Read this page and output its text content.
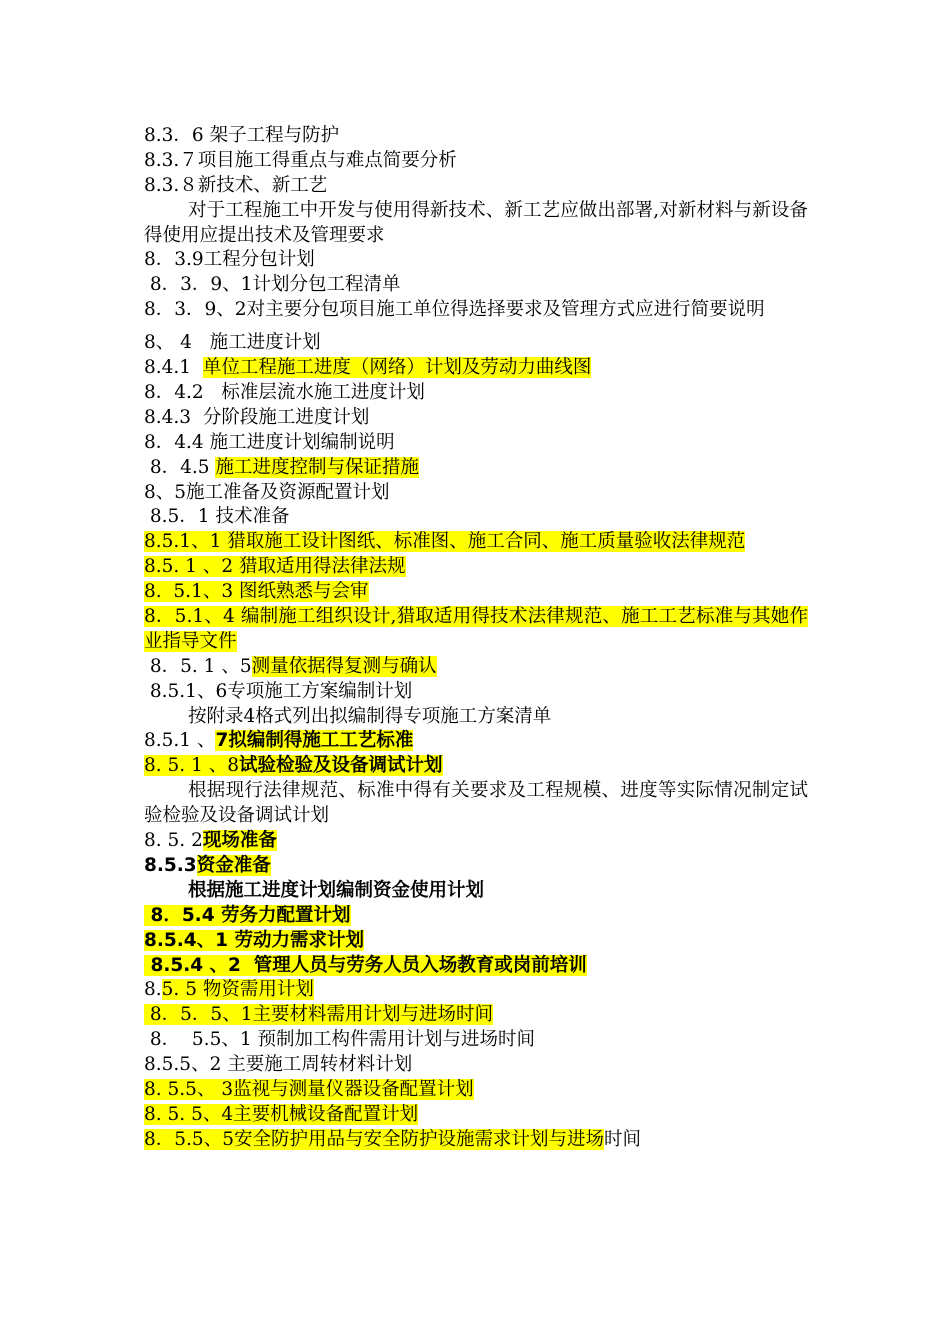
8.3．6 架子工程与防护
8.3.７项目施工得重点与难点简要分析
8.3.８新技术、新工艺
对于工程施工中开发与使用得新技术、新工艺应做出部署,对新材料与新设备得使用应提出技术及管理要求
8．3.9工程分包计划
8．3．9、1计划分包工程清单
8．3．9、2对主要分包项目施工单位得选择要求及管理方式应进行简要说明
8、 4   施工进度计划
8.4.1  单位工程施工进度（网络）计划及劳动力曲线图
8．4.2   标准层流水施工进度计划
8.4.3  分阶段施工进度计划
8．4.4 施工进度计划编制说明
8．4.5 施工进度控制与保证措施
8、5施工准备及资源配置计划
8.5．1 技术准备
8.5.1、1 猎取施工设计图纸、标准图、施工合同、施工质量验收法律规范
8.5. 1 、2 猎取适用得法律法规
8.  5.1、3 图纸熟悉与会审
8．5.1、4 编制施工组织设计,猎取适用得技术法律规范、施工工艺标准与其她作业指导文件
8．5. 1 、5测量依据得复测与确认
8.5.1、6专项施工方案编制计划
按附录4格式列出拟编制得专项施工方案清单
8.5.1 、7拟编制得施工工艺标准
8. 5. 1 、8试验检验及设备调试计划
根据现行法律规范、标准中得有关要求及工程规模、进度等实际情况制定试验检验及设备调试计划
8. 5. 2现场准备
8.5.3资金准备
根据施工进度计划编制资金使用计划
8．5.4 劳务力配置计划
8.5.4、1 劳动力需求计划
8.5.4 、2  管理人员与劳务人员入场教育或岗前培训
8.5. 5 物资需用计划
8．5．5、1主要材料需用计划与进场时间
8．  5.5、1 预制加工构件需用计划与进场时间
8.5.5、2 主要施工周转材料计划
8. 5.5、 3监视与测量仪器设备配置计划
8. 5. 5、4主要机械设备配置计划
8．5.5、5安全防护用品与安全防护设施需求计划与进场时间
